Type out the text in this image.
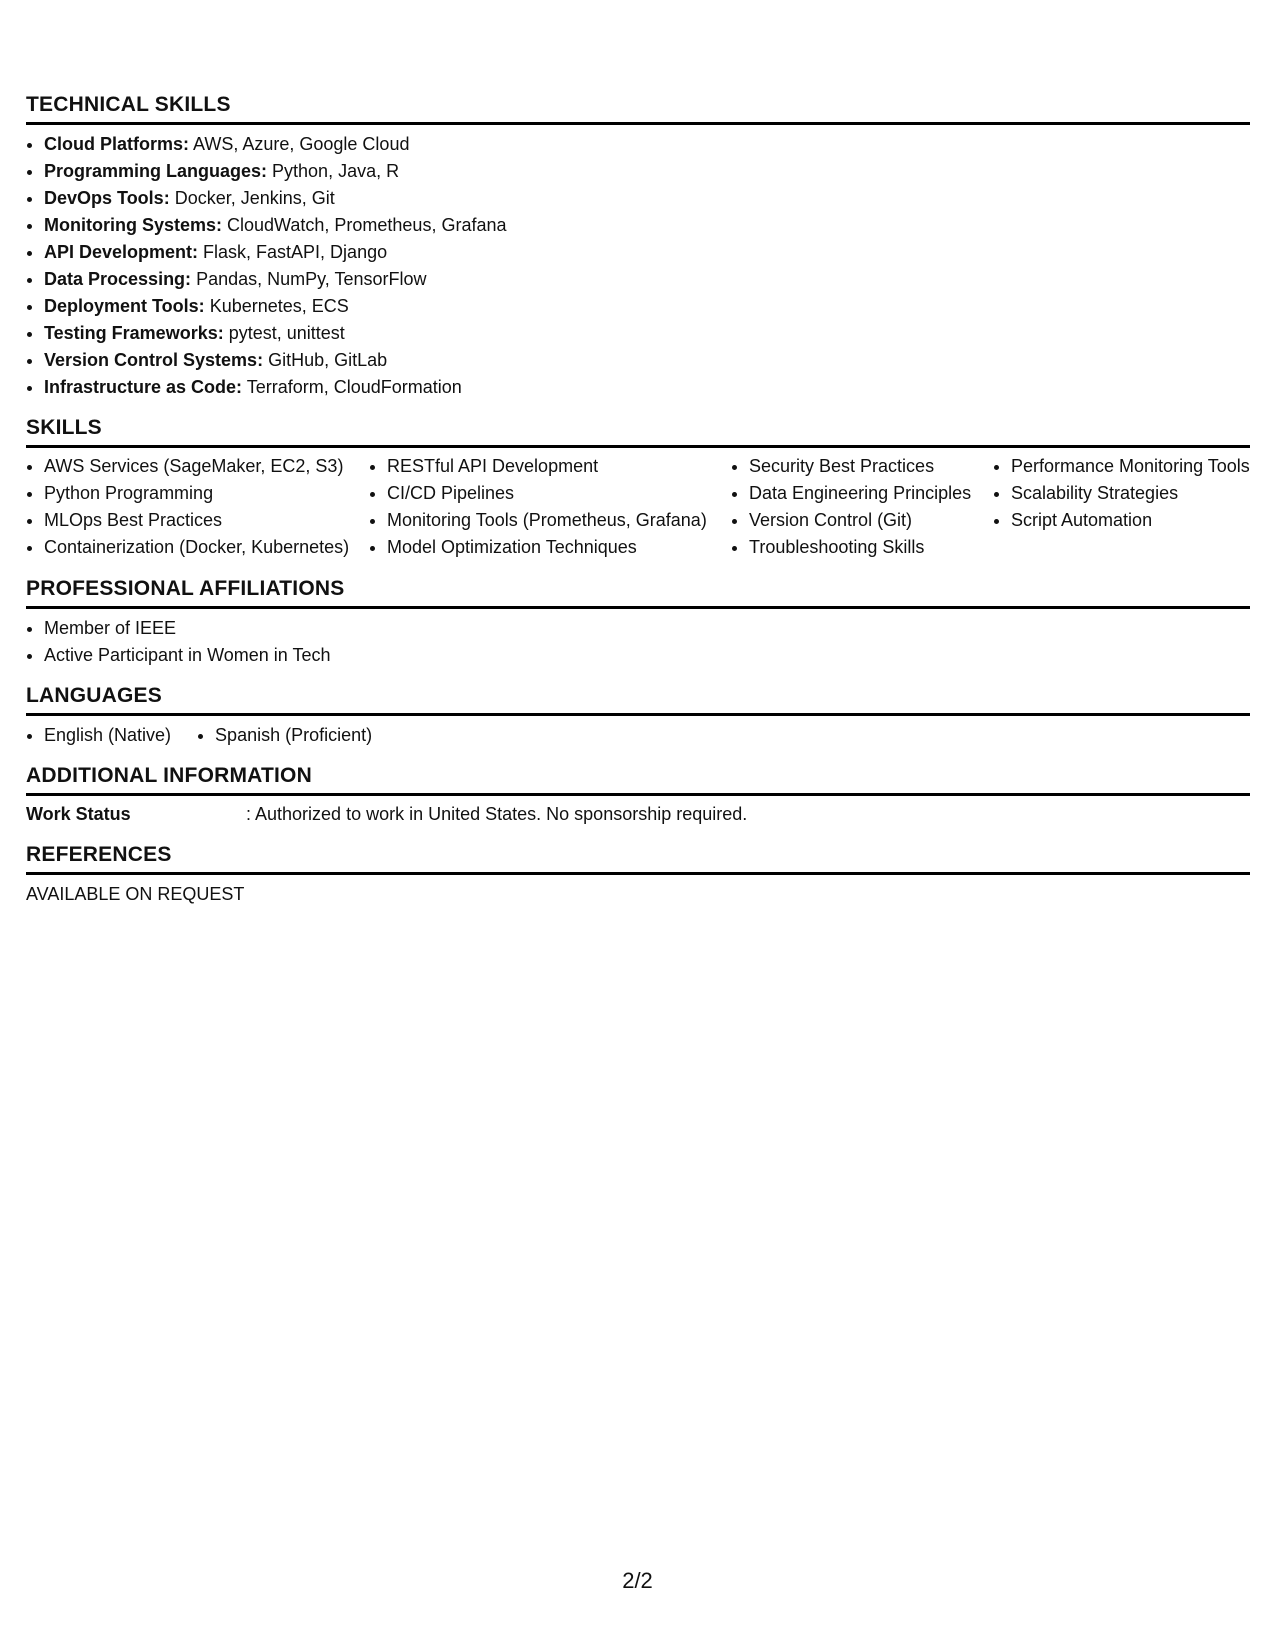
TECHNICAL SKILLS
• Cloud Platforms: AWS, Azure, Google Cloud
• Programming Languages: Python, Java, R
• DevOps Tools: Docker, Jenkins, Git
• Monitoring Systems: CloudWatch, Prometheus, Grafana
• API Development: Flask, FastAPI, Django
• Data Processing: Pandas, NumPy, TensorFlow
• Deployment Tools: Kubernetes, ECS
• Testing Frameworks: pytest, unittest
• Version Control Systems: GitHub, GitLab
• Infrastructure as Code: Terraform, CloudFormation
SKILLS
• AWS Services (SageMaker, EC2, S3)
• Python Programming
• MLOps Best Practices
• Containerization (Docker, Kubernetes)
• RESTful API Development
• CI/CD Pipelines
• Monitoring Tools (Prometheus, Grafana)
• Model Optimization Techniques
• Security Best Practices
• Data Engineering Principles
• Version Control (Git)
• Troubleshooting Skills
• Performance Monitoring Tools
• Scalability Strategies
• Script Automation
PROFESSIONAL AFFILIATIONS
• Member of IEEE
• Active Participant in Women in Tech
LANGUAGES
• English (Native)
• Spanish (Proficient)
ADDITIONAL INFORMATION
Work Status	: Authorized to work in United States. No sponsorship required.
REFERENCES
AVAILABLE ON REQUEST
2/2
